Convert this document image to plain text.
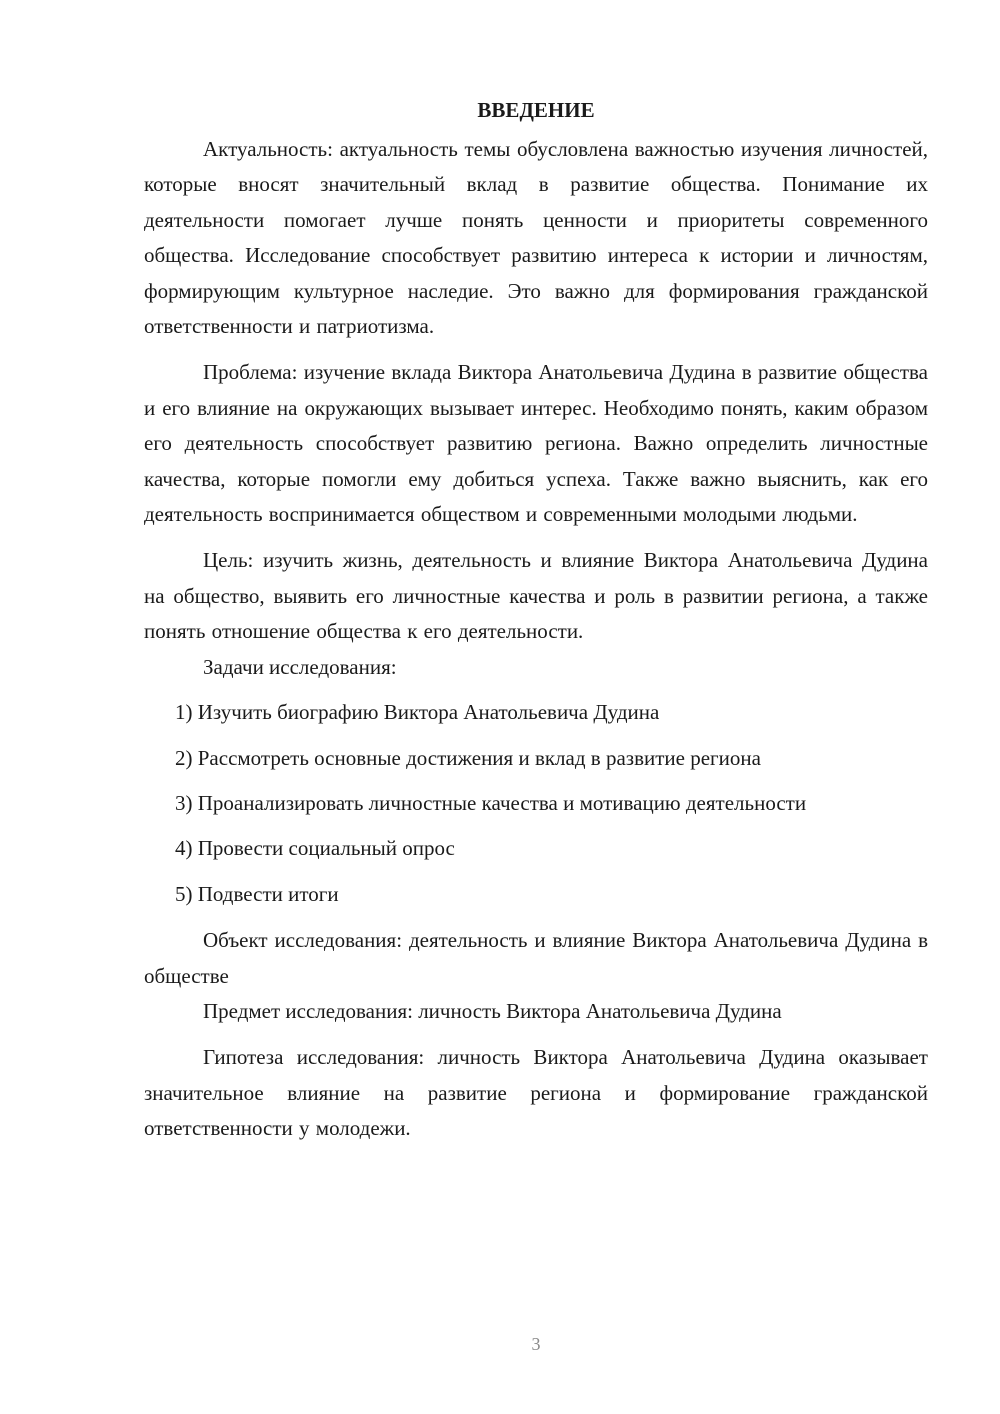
ВВЕДЕНИЕ

Актуальность: актуальность темы обусловлена важностью изучения личностей, которые вносят значительный вклад в развитие общества. Понимание их деятельности помогает лучше понять ценности и приоритеты современного общества. Исследование способствует развитию интереса к истории и личностям, формирующим культурное наследие. Это важно для формирования гражданской ответственности и патриотизма.

Проблема: изучение вклада Виктора Анатольевича Дудина в развитие общества и его влияние на окружающих вызывает интерес. Необходимо понять, каким образом его деятельность способствует развитию региона. Важно определить личностные качества, которые помогли ему добиться успеха. Также важно выяснить, как его деятельность воспринимается обществом и современными молодыми людьми.

Цель: изучить жизнь, деятельность и влияние Виктора Анатольевича Дудина на общество, выявить его личностные качества и роль в развитии региона, а также понять отношение общества к его деятельности.

Задачи исследования:

1) Изучить биографию Виктора Анатольевича Дудина
2) Рассмотреть основные достижения и вклад в развитие региона
3) Проанализировать личностные качества и мотивацию деятельности
4) Провести социальный опрос
5) Подвести итоги

Объект исследования: деятельность и влияние Виктора Анатольевича Дудина в обществе

Предмет исследования: личность Виктора Анатольевича Дудина

Гипотеза исследования: личность Виктора Анатольевича Дудина оказывает значительное влияние на развитие региона и формирование гражданской ответственности у молодежи.

3
